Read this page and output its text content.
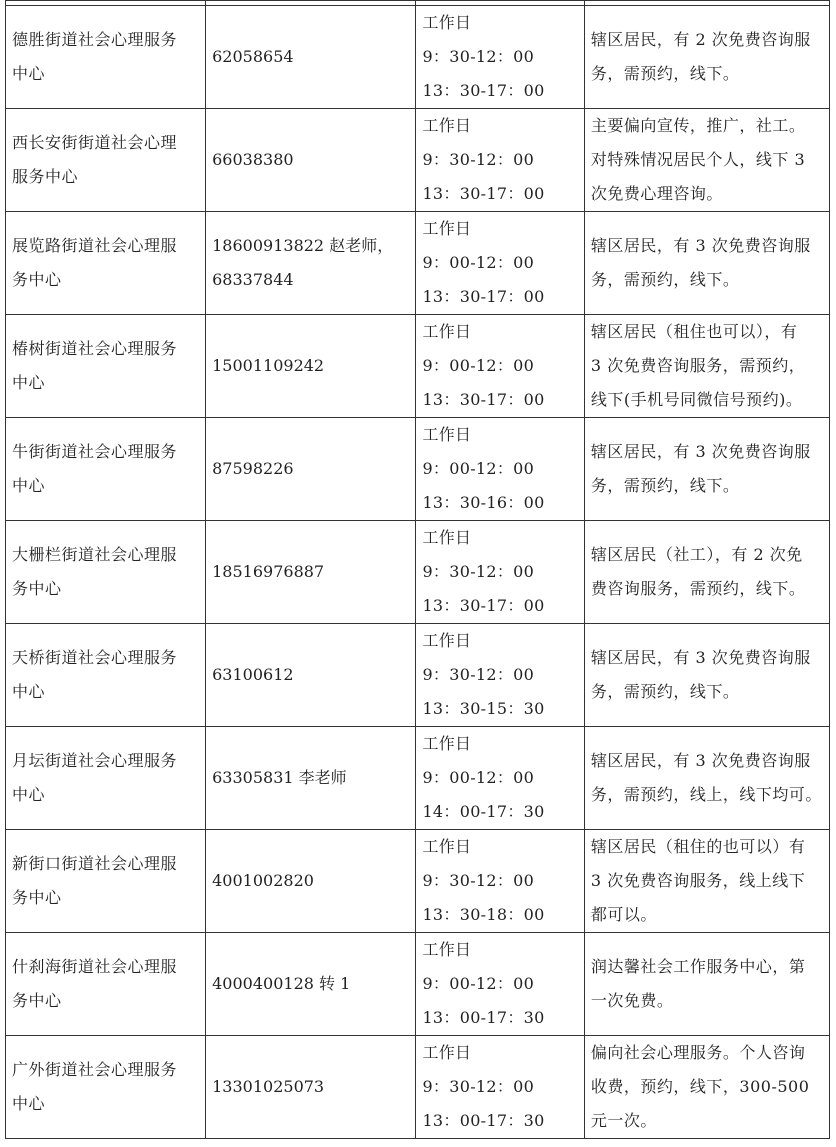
德胜街道社会心理服务
中心	62058654	工作日
9：30-12：00
13：30-17：00	辖区居民，有 2 次免费咨询服
务，需预约，线下。

西长安街街道社会心理
服务中心	66038380	工作日
9：30-12：00
13：30-17：00	主要偏向宣传，推广，社工。
对特殊情况居民个人，线下 3
次免费心理咨询。

展览路街道社会心理服
务中心	18600913822 赵老师，
68337844	工作日
9：00-12：00
13：30-17：00	辖区居民，有 3 次免费咨询服
务，需预约，线下。

椿树街道社会心理服务
中心	15001109242	工作日
9：00-12：00
13：30-17：00	辖区居民（租住也可以），有
3 次免费咨询服务，需预约，
线下(手机号同微信号预约)。

牛街街道社会心理服务
中心	87598226	工作日
9：00-12：00
13：30-16：00	辖区居民，有 3 次免费咨询服
务，需预约，线下。

大栅栏街道社会心理服
务中心	18516976887	工作日
9：30-12：00
13：30-17：00	辖区居民（社工），有 2 次免
费咨询服务，需预约，线下。

天桥街道社会心理服务
中心	63100612	工作日
9：30-12：00
13：30-15：30	辖区居民，有 3 次免费咨询服
务，需预约，线下。

月坛街道社会心理服务
中心	63305831 李老师	工作日
9：00-12：00
14：00-17：30	辖区居民，有 3 次免费咨询服
务，需预约，线上，线下均可。

新街口街道社会心理服
务中心	4001002820	工作日
9：30-12：00
13：30-18：00	辖区居民（租住的也可以）有
3 次免费咨询服务，线上线下
都可以。

什刹海街道社会心理服
务中心	4000400128 转 1	工作日
9：00-12：00
13：00-17：30	润达馨社会工作服务中心，第
一次免费。

广外街道社会心理服务
中心	13301025073	工作日
9：30-12：00
13：00-17：30	偏向社会心理服务。个人咨询
收费，预约，线下，300-500
元一次。
